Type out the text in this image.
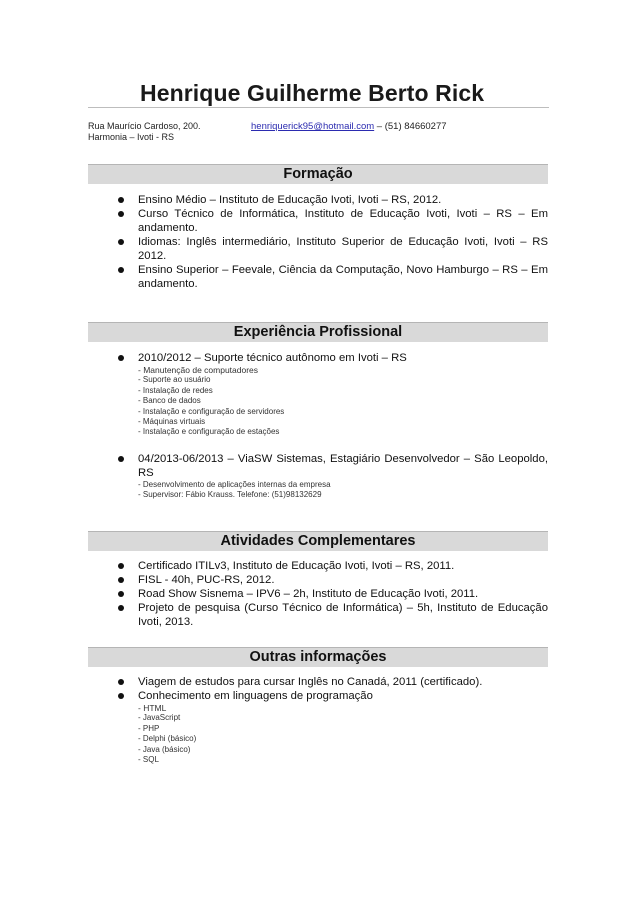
Henrique Guilherme Berto Rick
Rua Maurício Cardoso, 200.
Harmonia – Ivoti - RS
henriquerick95@hotmail.com – (51) 84660277
Formação
Ensino Médio – Instituto de Educação Ivoti, Ivoti – RS, 2012.
Curso Técnico de Informática, Instituto de Educação Ivoti, Ivoti – RS – Em andamento.
Idiomas: Inglês intermediário, Instituto Superior de Educação Ivoti, Ivoti – RS 2012.
Ensino Superior – Feevale, Ciência da Computação, Novo Hamburgo – RS – Em andamento.
Experiência Profissional
2010/2012 – Suporte técnico autônomo em Ivoti – RS
- Manutenção de computadores
- Suporte ao usuário
- Instalação de redes
- Banco de dados
- Instalação e configuração de servidores
- Máquinas virtuais
- Instalação e configuração de estações
04/2013-06/2013 – ViaSW Sistemas, Estagiário Desenvolvedor – São Leopoldo, RS
- Desenvolvimento de aplicações internas da empresa
- Supervisor: Fábio Krauss. Telefone: (51)98132629
Atividades Complementares
Certificado ITILv3, Instituto de Educação Ivoti, Ivoti – RS, 2011.
FISL - 40h, PUC-RS, 2012.
Road Show Sisnema – IPV6 – 2h, Instituto de Educação Ivoti, 2011.
Projeto de pesquisa (Curso Técnico de Informática) – 5h, Instituto de Educação Ivoti, 2013.
Outras informações
Viagem de estudos para cursar Inglês no Canadá, 2011 (certificado).
Conhecimento em linguagens de programação
- HTML
- JavaScript
- PHP
- Delphi (básico)
- Java (básico)
- SQL
